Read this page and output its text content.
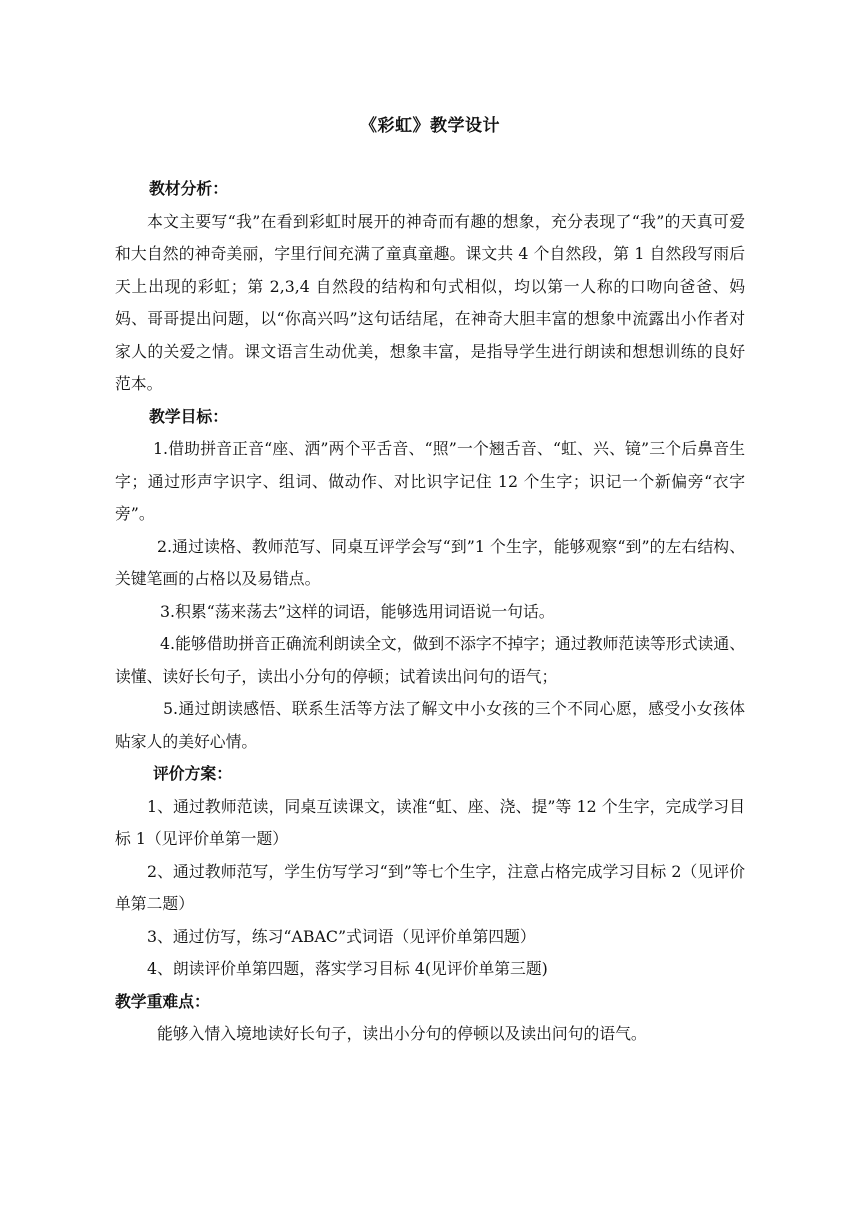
《彩虹》教学设计

教材分析：

本文主要写“我”在看到彩虹时展开的神奇而有趣的想象，充分表现了“我”的天真可爱和大自然的神奇美丽，字里行间充满了童真童趣。课文共 4 个自然段，第 1 自然段写雨后天上出现的彩虹；第 2,3,4 自然段的结构和句式相似，均以第一人称的口吻向爸爸、妈妈、哥哥提出问题，以“你高兴吗”这句话结尾，在神奇大胆丰富的想象中流露出小作者对家人的关爱之情。课文语言生动优美，想象丰富，是指导学生进行朗读和想想训练的良好范本。

教学目标：

1.借助拼音正音“座、洒”两个平舌音、“照”一个翘舌音、“虹、兴、镜”三个后鼻音生字；通过形声字识字、组词、做动作、对比识字记住 12 个生字；识记一个新偏旁“衣字旁”。

2.通过读格、教师范写、同桌互评学会写“到”1 个生字，能够观察“到”的左右结构、关键笔画的占格以及易错点。

3.积累“荡来荡去”这样的词语，能够选用词语说一句话。

4.能够借助拼音正确流利朗读全文，做到不添字不掉字；通过教师范读等形式读通、读懂、读好长句子，读出小分句的停顿；试着读出问句的语气；

5.通过朗读感悟、联系生活等方法了解文中小女孩的三个不同心愿，感受小女孩体贴家人的美好心情。

评价方案：

1、通过教师范读，同桌互读课文，读准“虹、座、浇、提”等 12 个生字，完成学习目标 1（见评价单第一题）

2、通过教师范写，学生仿写学习“到”等七个生字，注意占格完成学习目标 2（见评价单第二题）

3、通过仿写，练习“ABAC”式词语（见评价单第四题）

4、朗读评价单第四题，落实学习目标 4(见评价单第三题)

教学重难点：

能够入情入境地读好长句子，读出小分句的停顿以及读出问句的语气。
